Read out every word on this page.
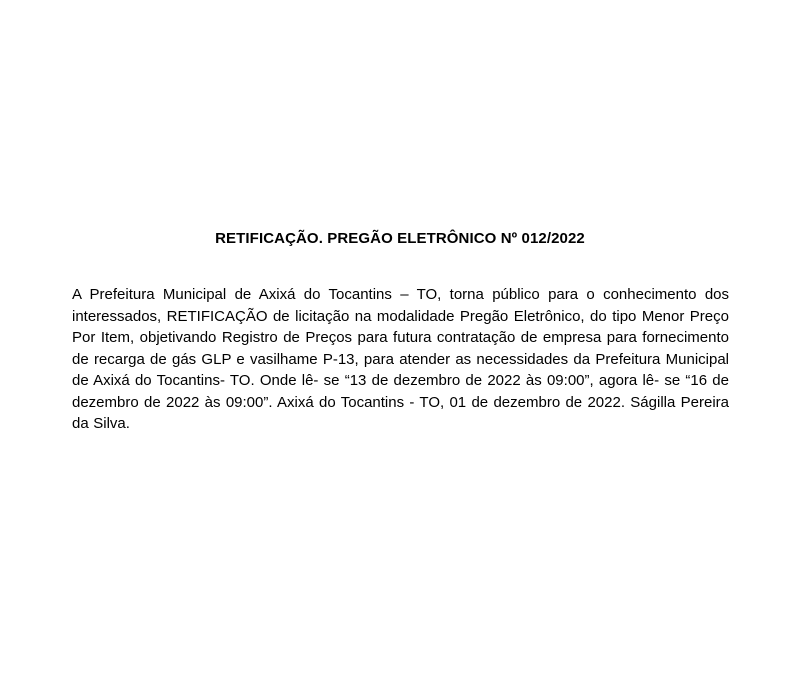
RETIFICAÇÃO. PREGÃO ELETRÔNICO Nº 012/2022

A Prefeitura Municipal de Axixá do Tocantins – TO, torna público para o conhecimento dos interessados, RETIFICAÇÃO de licitação na modalidade Pregão Eletrônico, do tipo Menor Preço Por Item, objetivando Registro de Preços para futura contratação de empresa para fornecimento de recarga de gás GLP e vasilhame P-13, para atender as necessidades da Prefeitura Municipal de Axixá do Tocantins- TO. Onde lê- se “13 de dezembro de 2022 às 09:00”, agora lê- se “16 de dezembro de 2022 às 09:00”. Axixá do Tocantins - TO, 01 de dezembro de 2022. Ságilla Pereira da Silva.
